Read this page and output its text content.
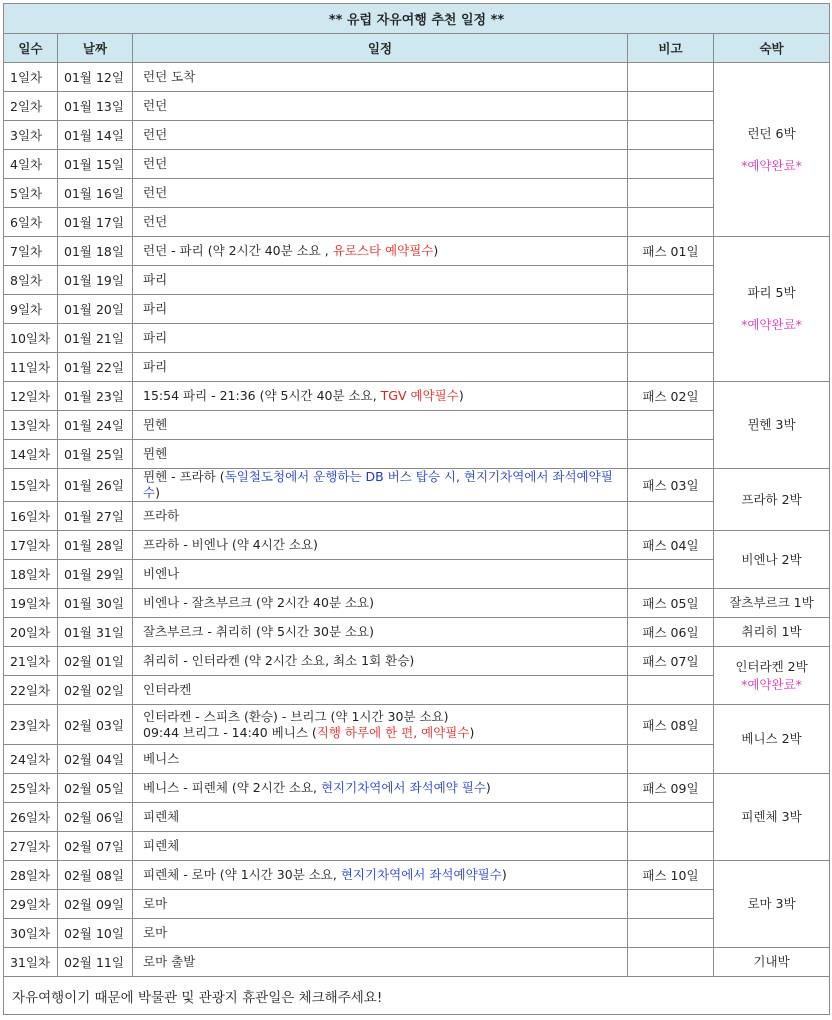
** 유럽 자유여행 추천 일정 **				
일수	날짜	일정	비고	숙박
1일차	01월 12일	런던 도착		런던 6박
*예약완료*

2일차	01월 13일	런던		
3일차	01월 14일	런던		
4일차	01월 15일	런던		
5일차	01월 16일	런던		
6일차	01월 17일	런던		
7일차	01월 18일	런던 - 파리 (약 2시간 40분 소요 , 유로스타 예약필수)	패스 01일	파리 5박
*예약완료*

8일차	01월 19일	파리		
9일차	01월 20일	파리		
10일차	01월 21일	파리		
11일차	01월 22일	파리		
12일차	01월 23일	15:54 파리 - 21:36 (약 5시간 40분 소요, TGV 예약필수)	패스 02일	뮌헨 3박
13일차	01월 24일	뮌헨		
14일차	01월 25일	뮌헨		
15일차	01월 26일	뮌헨 - 프라하 (독일철도청에서 운행하는 DB 버스 탑승 시, 현지기차역에서 좌석예약필수)	패스 03일	프라하 2박
16일차	01월 27일	프라하		
17일차	01월 28일	프라하 - 비엔나 (약 4시간 소요)	패스 04일	비엔나 2박
18일차	01월 29일	비엔나		
19일차	01월 30일	비엔나 - 잘츠부르크 (약 2시간 40분 소요)	패스 05일	잘츠부르크 1박
20일차	01월 31일	잘츠부르크 - 취리히 (약 5시간 30분 소요)	패스 06일	취리히 1박
21일차	02월 01일	취리히 - 인터라켄 (약 2시간 소요, 최소 1회 환승)	패스 07일	인터라켄 2박
*예약완료*

22일차	02월 02일	인터라켄		
23일차	02월 03일	인터라켄 - 스피츠 (환승) - 브리그 (약 1시간 30분 소요)
09:44 브리그 - 14:40 베니스 (직행 하루에 한 편, 예약필수)	패스 08일	베니스 2박
24일차	02월 04일	베니스		
25일차	02월 05일	베니스 - 피렌체 (약 2시간 소요, 현지기차역에서 좌석예약 필수)	패스 09일	피렌체 3박
26일차	02월 06일	피렌체		
27일차	02월 07일	피렌체		
28일차	02월 08일	피렌체 - 로마 (약 1시간 30분 소요, 현지기차역에서 좌석예약필수)	패스 10일	로마 3박
29일차	02월 09일	로마		
30일차	02월 10일	로마		
31일차	02월 11일	로마 출발		기내박
자유여행이기 때문에 박물관 및 관광지 휴관일은 체크해주세요!				
